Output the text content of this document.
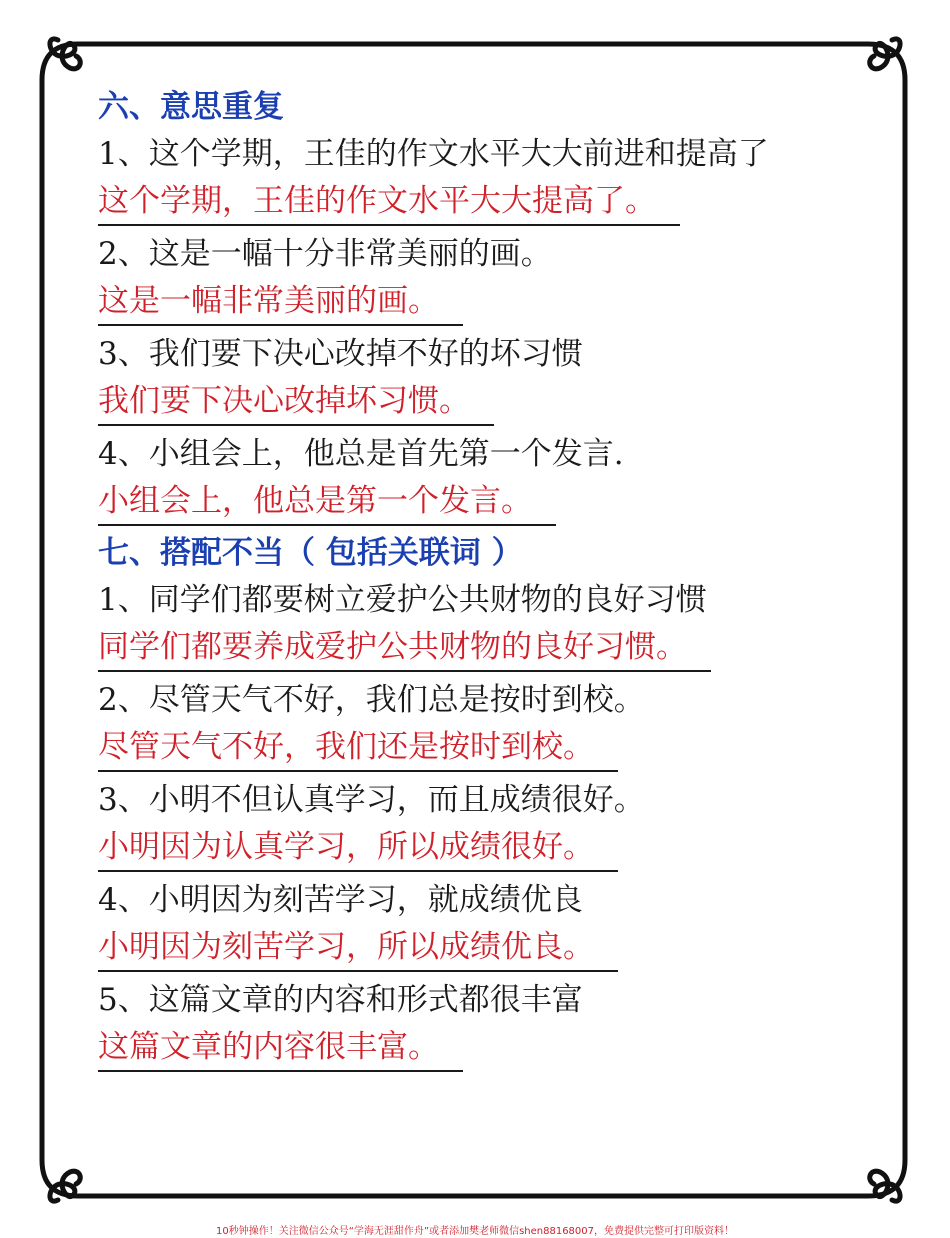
六、意思重复
1、这个学期，王佳的作文水平大大前进和提高了
这个学期，王佳的作文水平大大提高了。
2、这是一幅十分非常美丽的画。
这是一幅非常美丽的画。
3、我们要下决心改掉不好的坏习惯
我们要下决心改掉坏习惯。
4、小组会上，他总是首先第一个发言.
小组会上，他总是第一个发言。
七、搭配不当（ 包括关联词 ）
1、同学们都要树立爱护公共财物的良好习惯
同学们都要养成爱护公共财物的良好习惯。
2、尽管天气不好，我们总是按时到校。
尽管天气不好，我们还是按时到校。
3、小明不但认真学习，而且成绩很好。
小明因为认真学习，所以成绩很好。
4、小明因为刻苦学习，就成绩优良
小明因为刻苦学习，所以成绩优良。
5、这篇文章的内容和形式都很丰富
这篇文章的内容很丰富。
10秒钟操作！关注微信公众号“学海无涯甜作舟”或者添加樊老师微信shen88168007，免费提供完整可打印版资料！
